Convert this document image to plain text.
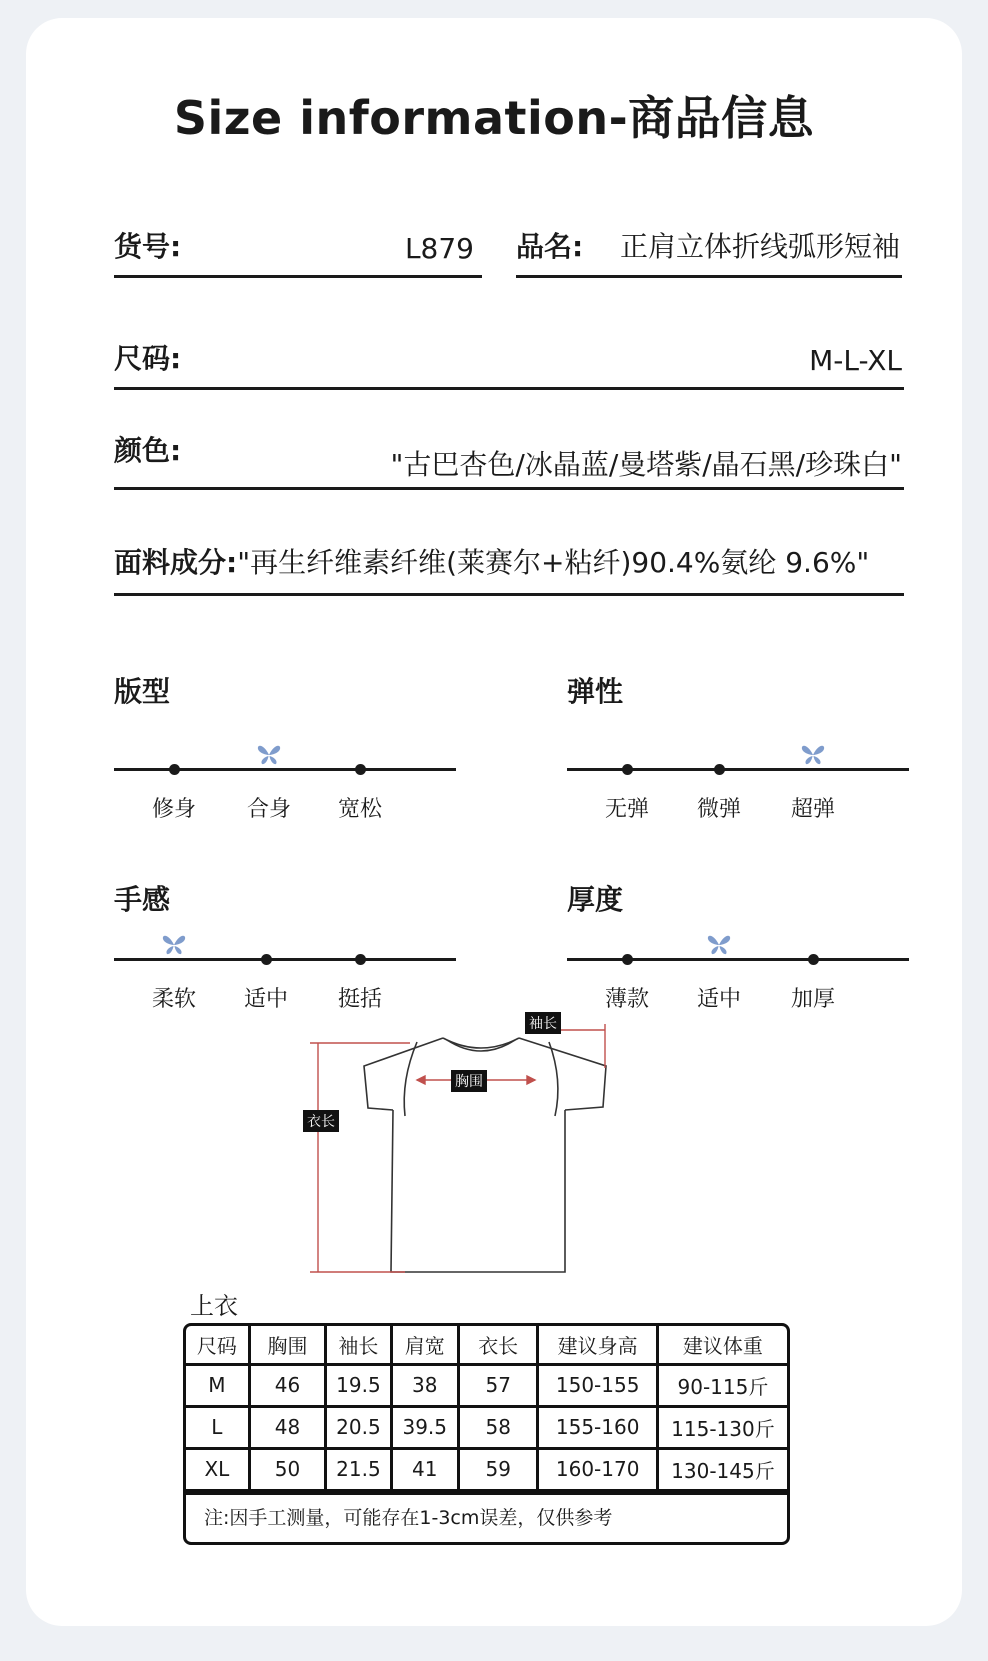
Size information-商品信息
货号:	L879 品名: 正肩立体折线弧形短袖
尺码:	M-L-XL
颜色:	"古巴杏色/冰晶蓝/曼塔紫/晶石黑/珍珠白"
面料成分:"再生纤维素纤维(莱赛尔+粘纤)90.4%氨纶 9.6%"
版型
修身 合身 宽松
弹性
无弹 微弹 超弹
手感
柔软 适中 挺括
厚度
薄款 适中 加厚
袖长
胸围
衣长
上衣
尺码	胸围	袖长	肩宽	衣长	建议身高	建议体重
M	46	19.5	38	57	150-155	90-115斤
L	48	20.5	39.5	58	155-160	115-130斤
XL	50	21.5	41	59	160-170	130-145斤
注:因手工测量，可能存在1-3cm误差，仅供参考
